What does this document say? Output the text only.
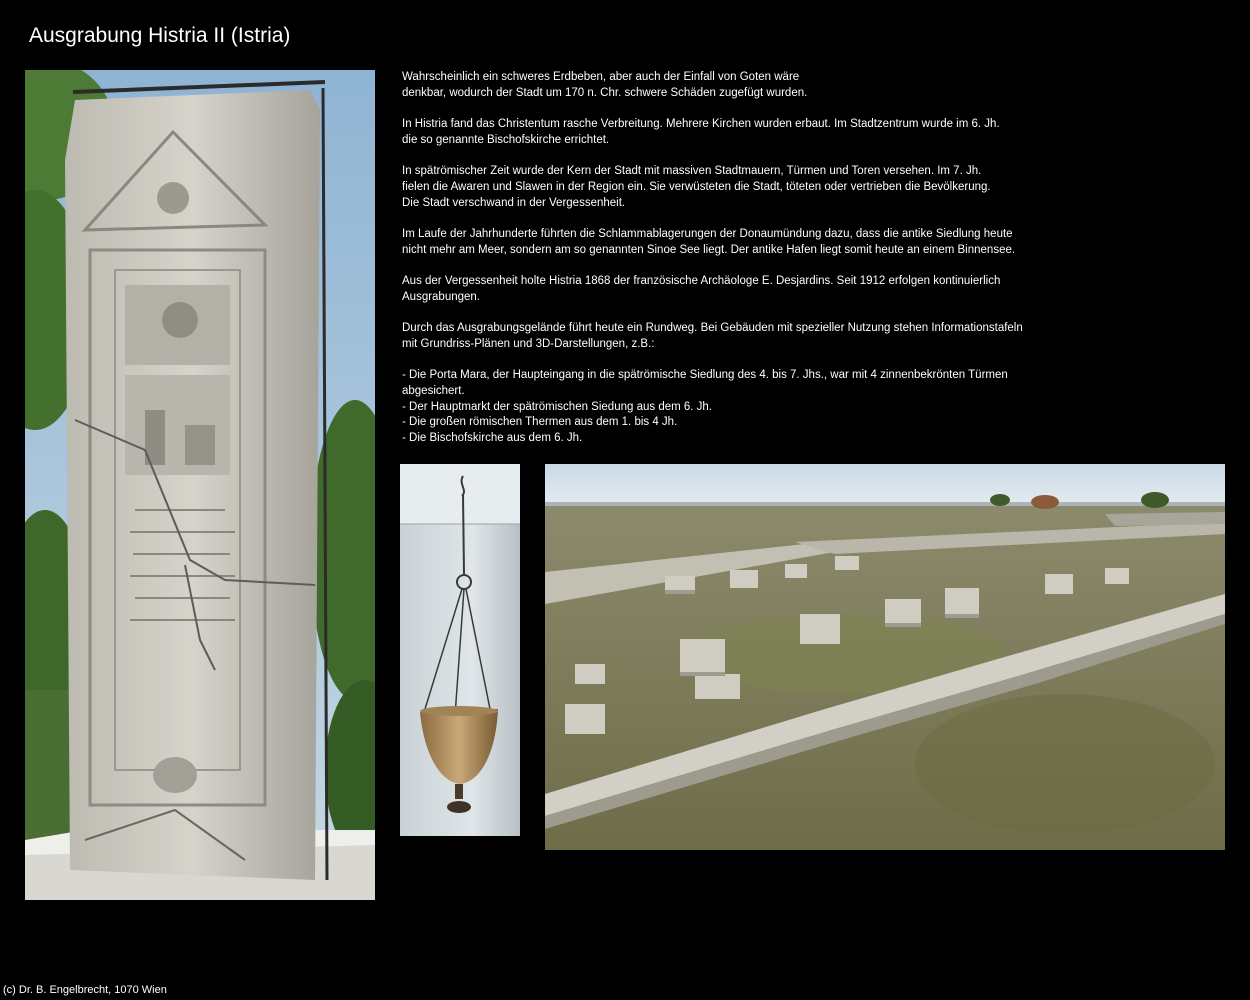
Ausgrabung Histria II (Istria)

Wahrscheinlich ein schweres Erdbeben, aber auch der Einfall von Goten wäre
denkbar, wodurch der Stadt um 170 n. Chr. schwere Schäden zugefügt wurden.

In Histria fand das Christentum rasche Verbreitung. Mehrere Kirchen wurden erbaut. Im Stadtzentrum wurde im 6. Jh.
die so genannte Bischofskirche errichtet.

In spätrömischer Zeit wurde der Kern der Stadt mit massiven Stadtmauern, Türmen und Toren versehen. Im 7. Jh.
fielen die Awaren und Slawen in der Region ein. Sie verwüsteten die Stadt, töteten oder vertrieben die Bevölkerung.
Die Stadt verschwand in der Vergessenheit.

Im Laufe der Jahrhunderte führten die Schlammablagerungen der Donaumündung dazu, dass die antike Siedlung heute
nicht mehr am Meer, sondern am so genannten Sinoe See liegt. Der antike Hafen liegt somit heute an einem Binnensee.

Aus der Vergessenheit holte Histria 1868 der französische Archäologe E. Desjardins. Seit 1912 erfolgen kontinuierlich
Ausgrabungen.

Durch das Ausgrabungsgelände führt heute ein Rundweg. Bei Gebäuden mit spezieller Nutzung stehen Informationstafeln
mit Grundriss-Plänen und 3D-Darstellungen, z.B.:

- Die Porta Mara, der Haupteingang in die spätrömische Siedlung des 4. bis 7. Jhs., war mit 4 zinnenbekrönten Türmen
abgesichert.
- Der Hauptmarkt der spätrömischen Siedung aus dem 6. Jh.
- Die großen römischen Thermen aus dem 1. bis 4 Jh.
- Die Bischofskirche aus dem 6. Jh.
(c) Dr. B. Engelbrecht, 1070 Wien
